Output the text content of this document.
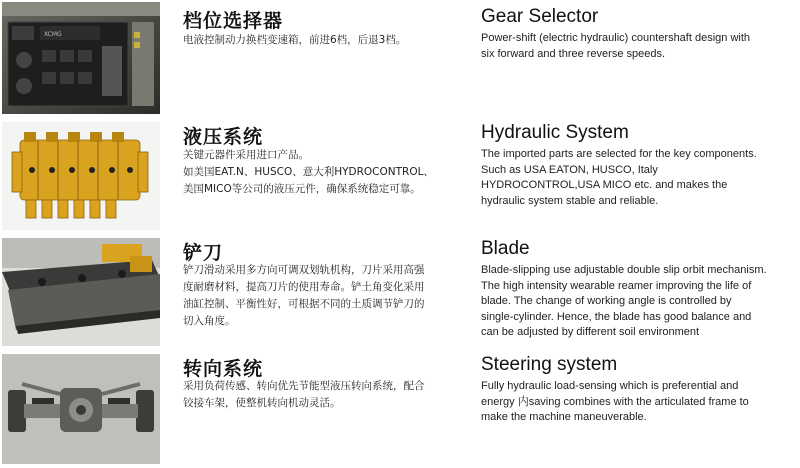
XCMG
档位选择器
电液控制动力换档变速箱，前进6档，后退3档。
Gear Selector
Power-shift (electric hydraulic) countershaft design with
six forward and three reverse speeds.
液压系统
关键元器件采用进口产品。
如美国EAT.N、HUSCO、意大利HYDROCONTROL、
美国MICO等公司的液压元件，确保系统稳定可靠。
Hydraulic System
The imported parts are selected for the key components.
Such as USA EATON, HUSCO, Italy
HYDROCONTROL,USA MICO etc. and makes the
hydraulic system stable and reliable.
铲刀
铲刀滑动采用多方向可调双划轨机构，刀片采用高强
度耐磨材料，提高刀片的使用寿命。铲土角变化采用
油缸控制、平衡性好，可根据不同的土质调节铲刀的
切入角度。
Blade
Blade-slipping use adjustable double slip orbit mechanism.
The high intensity wearable reamer improving the life of
blade. The change of working angle is controlled by
single-cylinder. Hence, the blade has good balance and
can be adjusted by different soil environment
转向系统
采用负荷传感、转向优先节能型液压转向系统，配合
铰接车架，使整机转向机动灵活。
Steering system
Fully hydraulic load-sensing which is preferential and
energy 内saving combines with the articulated frame to
make the machine maneuverable.
